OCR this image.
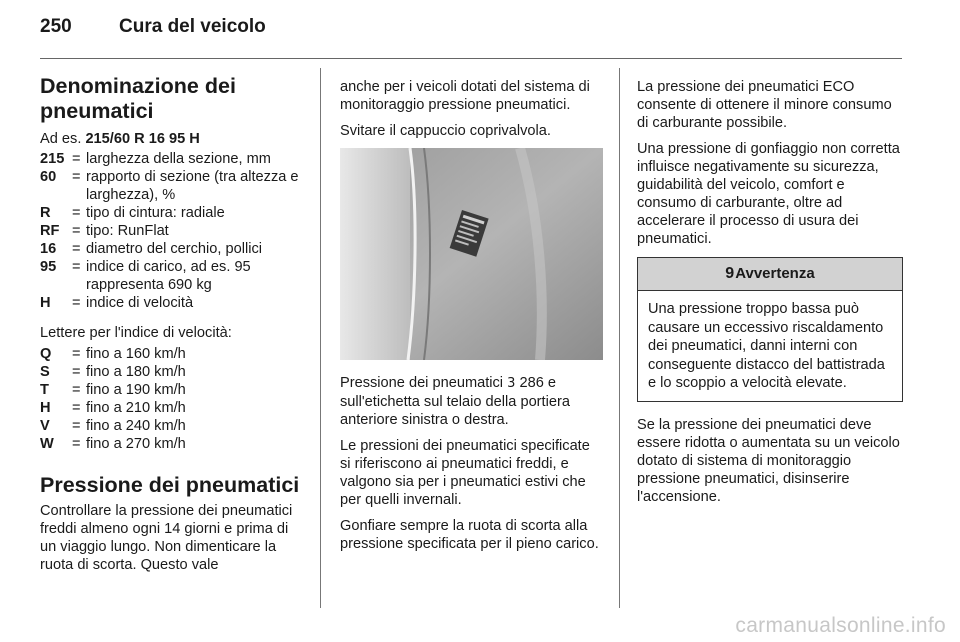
250 Cura del veicolo
Denominazione dei pneumatici

Ad es. 215/60 R 16 95 H

215 = larghezza della sezione, mm
60	= rapporto di sezione (tra altezza e larghezza), %
R	= tipo di cintura: radiale
RF = tipo: RunFlat
16	= diametro del cerchio, pollici
95	= indice di carico, ad es. 95 rappresenta 690 kg
H	= indice di velocità

Lettere per l'indice di velocità:

Q	= fino a 160 km/h
S	= fino a 180 km/h
T	= fino a 190 km/h
H	= fino a 210 km/h
V	= fino a 240 km/h
W	= fino a 270 km/h
Pressione dei pneumatici

Controllare la pressione dei pneumatici freddi almeno ogni 14 giorni e prima di un viaggio lungo. Non dimenticare la ruota di scorta. Questo vale

anche per i veicoli dotati del sistema di monitoraggio pressione pneumatici.

Svitare il cappuccio coprivalvola.

Pressione dei pneumatici 3 286 e sull'etichetta sul telaio della portiera anteriore sinistra o destra.

Le pressioni dei pneumatici specificate si riferiscono ai pneumatici freddi, e valgono sia per i pneumatici estivi che per quelli invernali.

Gonfiare sempre la ruota di scorta alla pressione specificata per il pieno carico.

La pressione dei pneumatici ECO consente di ottenere il minore consumo di carburante possibile.

Una pressione di gonfiaggio non corretta influisce negativamente su sicurezza, guidabilità del veicolo, comfort e consumo di carburante, oltre ad accelerare il processo di usura dei pneumatici.

9Avvertenza
Una pressione troppo bassa può causare un eccessivo riscaldamento dei pneumatici, danni interni con conseguente distacco del battistrada e lo scoppio a velocità elevate.

Se la pressione dei pneumatici deve essere ridotta o aumentata su un veicolo dotato di sistema di monitoraggio pressione pneumatici, disinserire l'accensione.

carmanualsonline.info
